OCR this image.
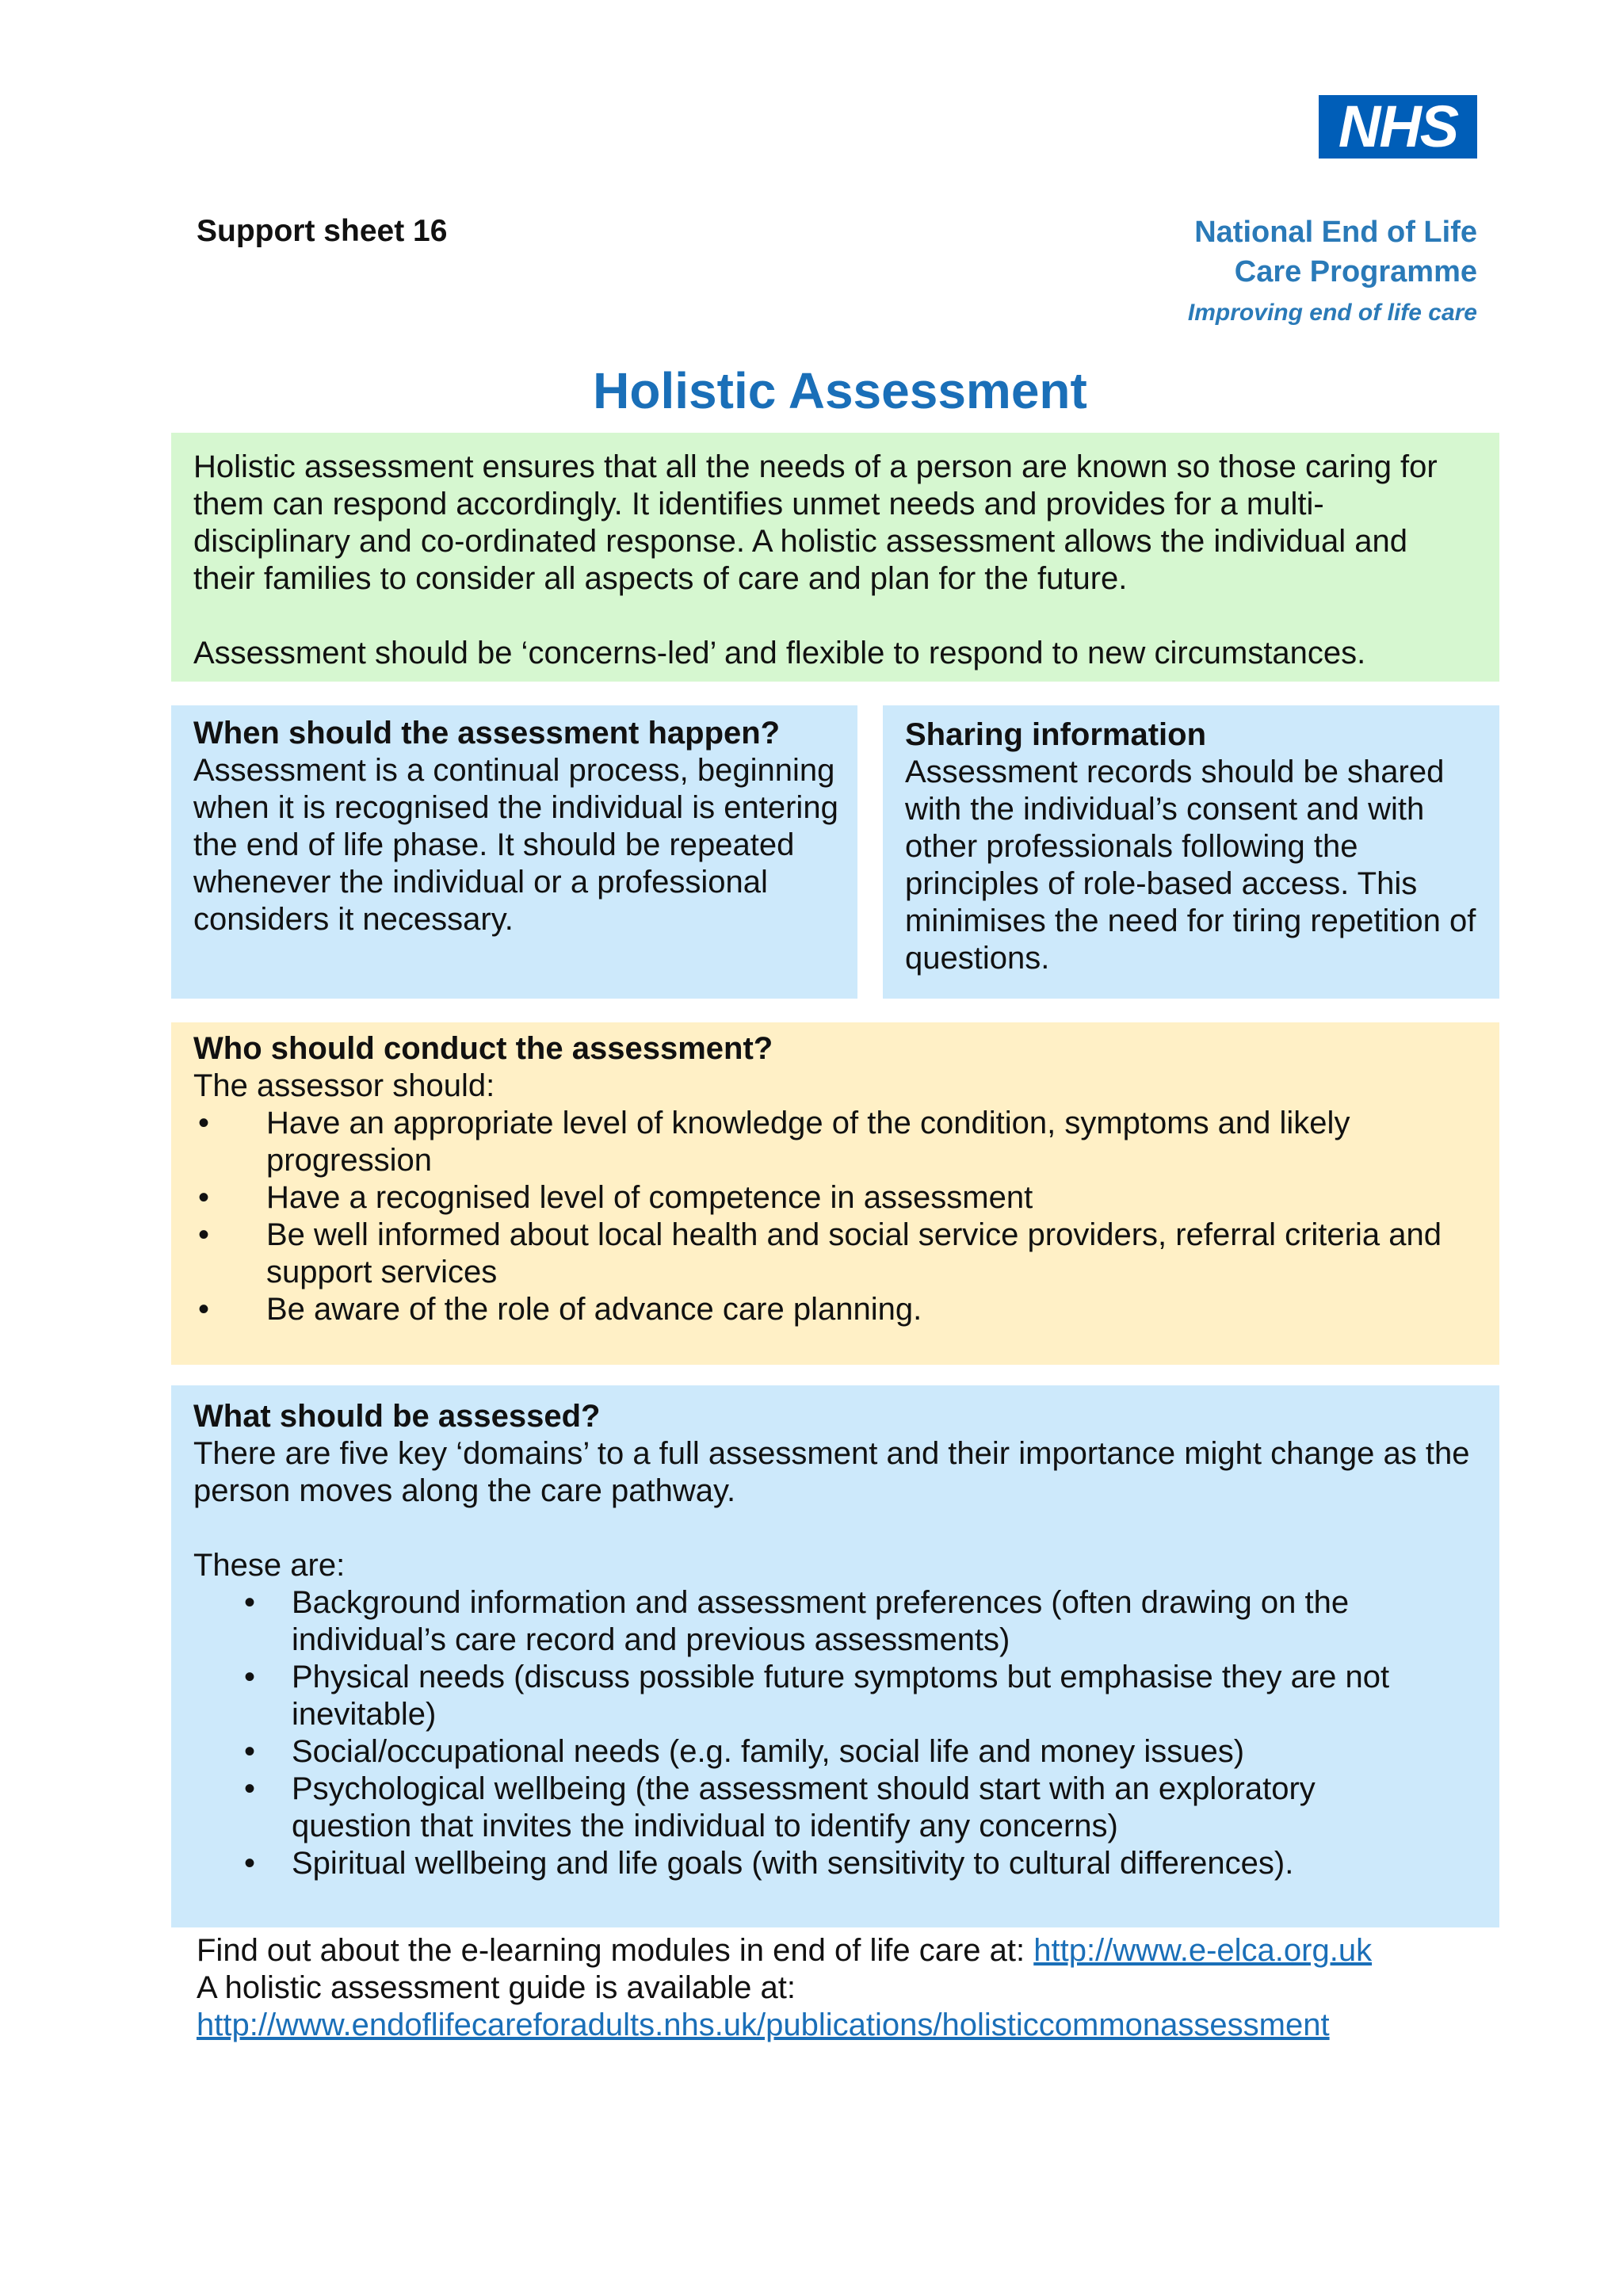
NHS
National End of Life
Care Programme
Improving end of life care
Support sheet 16
Holistic Assessment

Holistic assessment ensures that all the needs of a person are known so those caring for them can respond accordingly. It identifies unmet needs and provides for a multi-disciplinary and co-ordinated response. A holistic assessment allows the individual and their families to consider all aspects of care and plan for the future.

Assessment should be ‘concerns-led’ and flexible to respond to new circumstances.

When should the assessment happen?

Assessment is a continual process, beginning when it is recognised the individual is entering the end of life phase. It should be repeated whenever the individual or a professional considers it necessary.

Sharing information

Assessment records should be shared with the individual’s consent and with other professionals following the principles of role-based access. This minimises the need for tiring repetition of questions.

Who should conduct the assessment?

The assessor should:

• Have an appropriate level of knowledge of the condition, symptoms and likely progression
• Have a recognised level of competence in assessment
• Be well informed about local health and social service providers, referral criteria and support services
• Be aware of the role of advance care planning.
What should be assessed?

There are five key ‘domains’ to a full assessment and their importance might change as the person moves along the care pathway.

These are:

• Background information and assessment preferences (often drawing on the individual’s care record and previous assessments)
• Physical needs (discuss possible future symptoms but emphasise they are not inevitable)
• Social/occupational needs (e.g. family, social life and money issues)
• Psychological wellbeing (the assessment should start with an exploratory question that invites the individual to identify any concerns)
• Spiritual wellbeing and life goals (with sensitivity to cultural differences).
Find out about the e-learning modules in end of life care at: http://www.e-elca.org.uk
A holistic assessment guide is available at:
http://www.endoflifecareforadults.nhs.uk/publications/holisticcommonassessment
